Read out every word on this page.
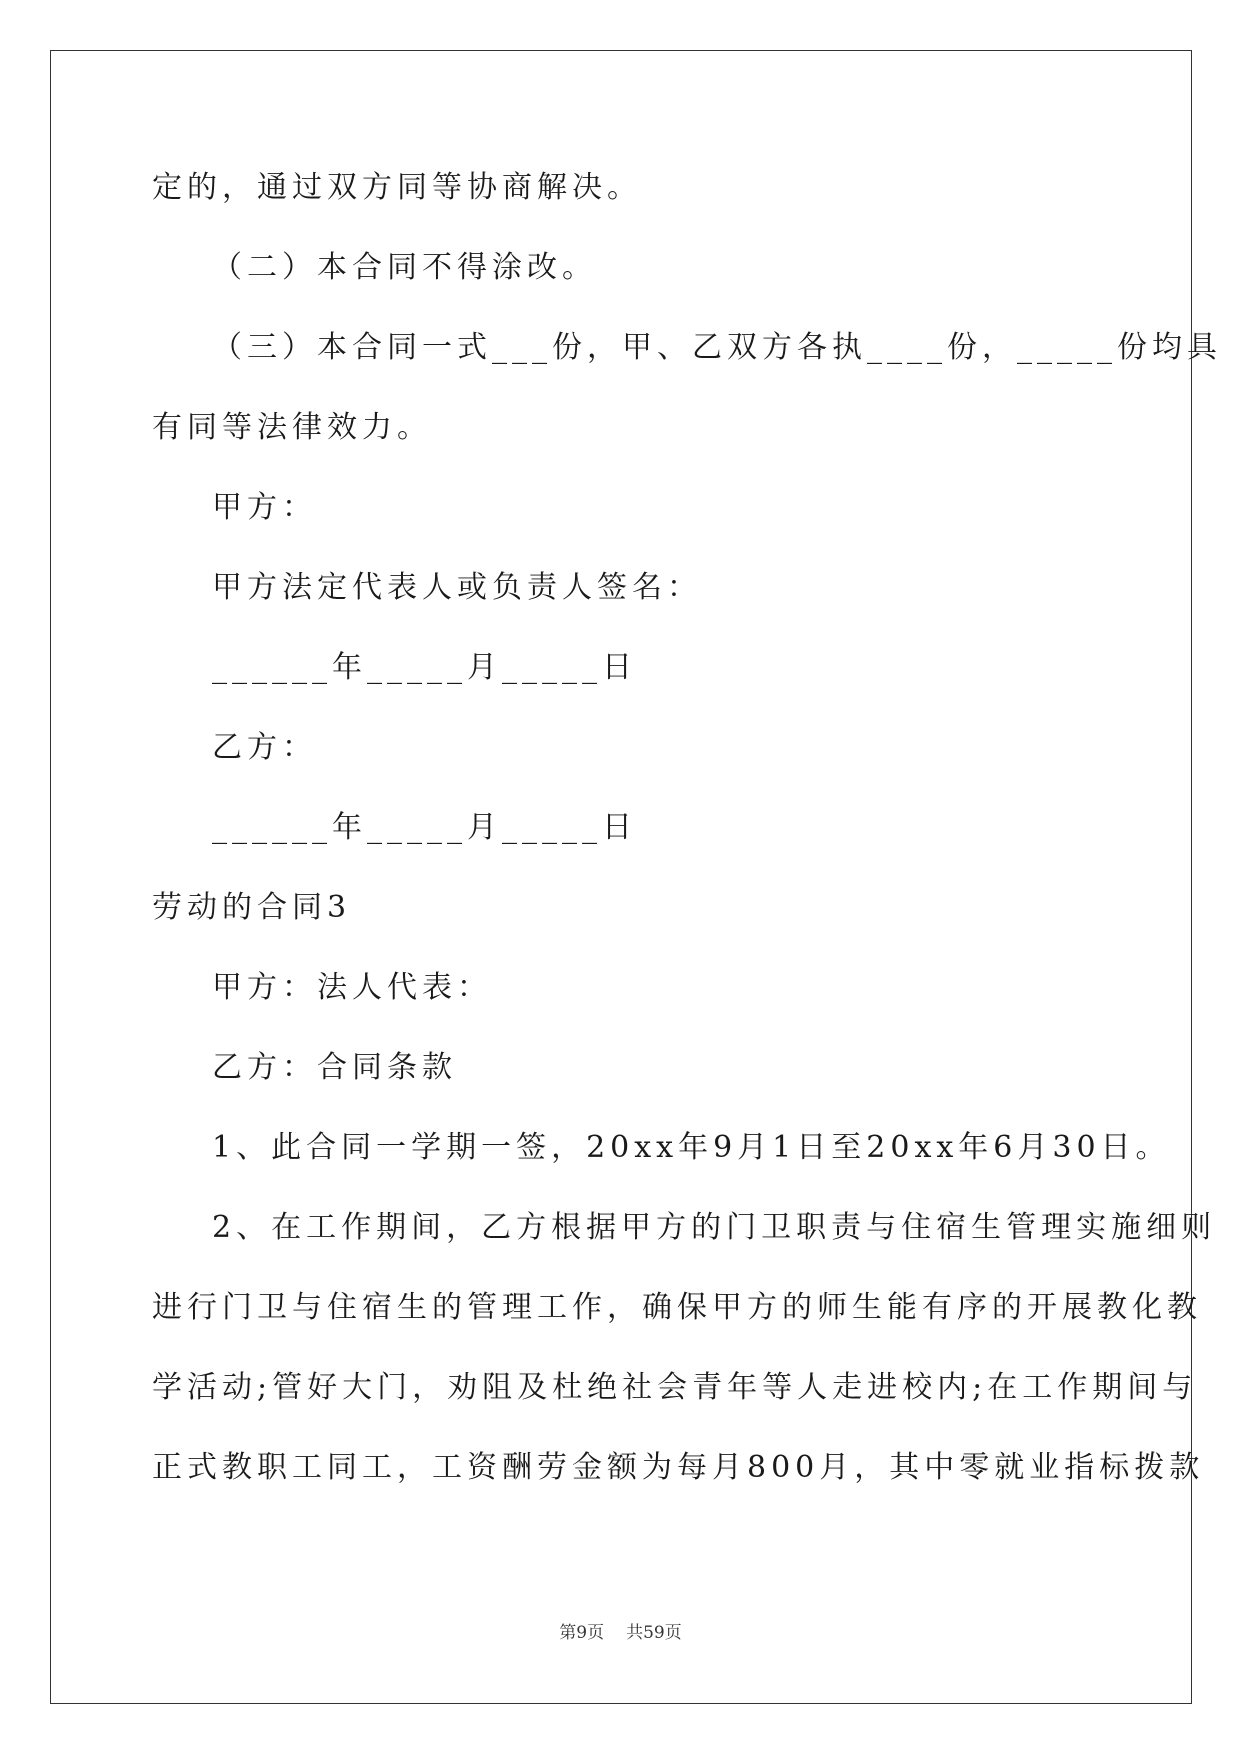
定的，通过双方同等协商解决。
（二）本合同不得涂改。
（三）本合同一式___份，甲、乙双方各执____份，_____份均具
有同等法律效力。
甲方：
甲方法定代表人或负责人签名：
______年_____月_____日
乙方：
______年_____月_____日
劳动的合同3
甲方：法人代表：
乙方：合同条款
1、此合同一学期一签，20xx年9月1日至20xx年6月30日。
2、在工作期间，乙方根据甲方的门卫职责与住宿生管理实施细则
进行门卫与住宿生的管理工作，确保甲方的师生能有序的开展教化教
学活动;管好大门，劝阻及杜绝社会青年等人走进校内;在工作期间与
正式教职工同工，工资酬劳金额为每月800月，其中零就业指标拨款
第9页 共59页
